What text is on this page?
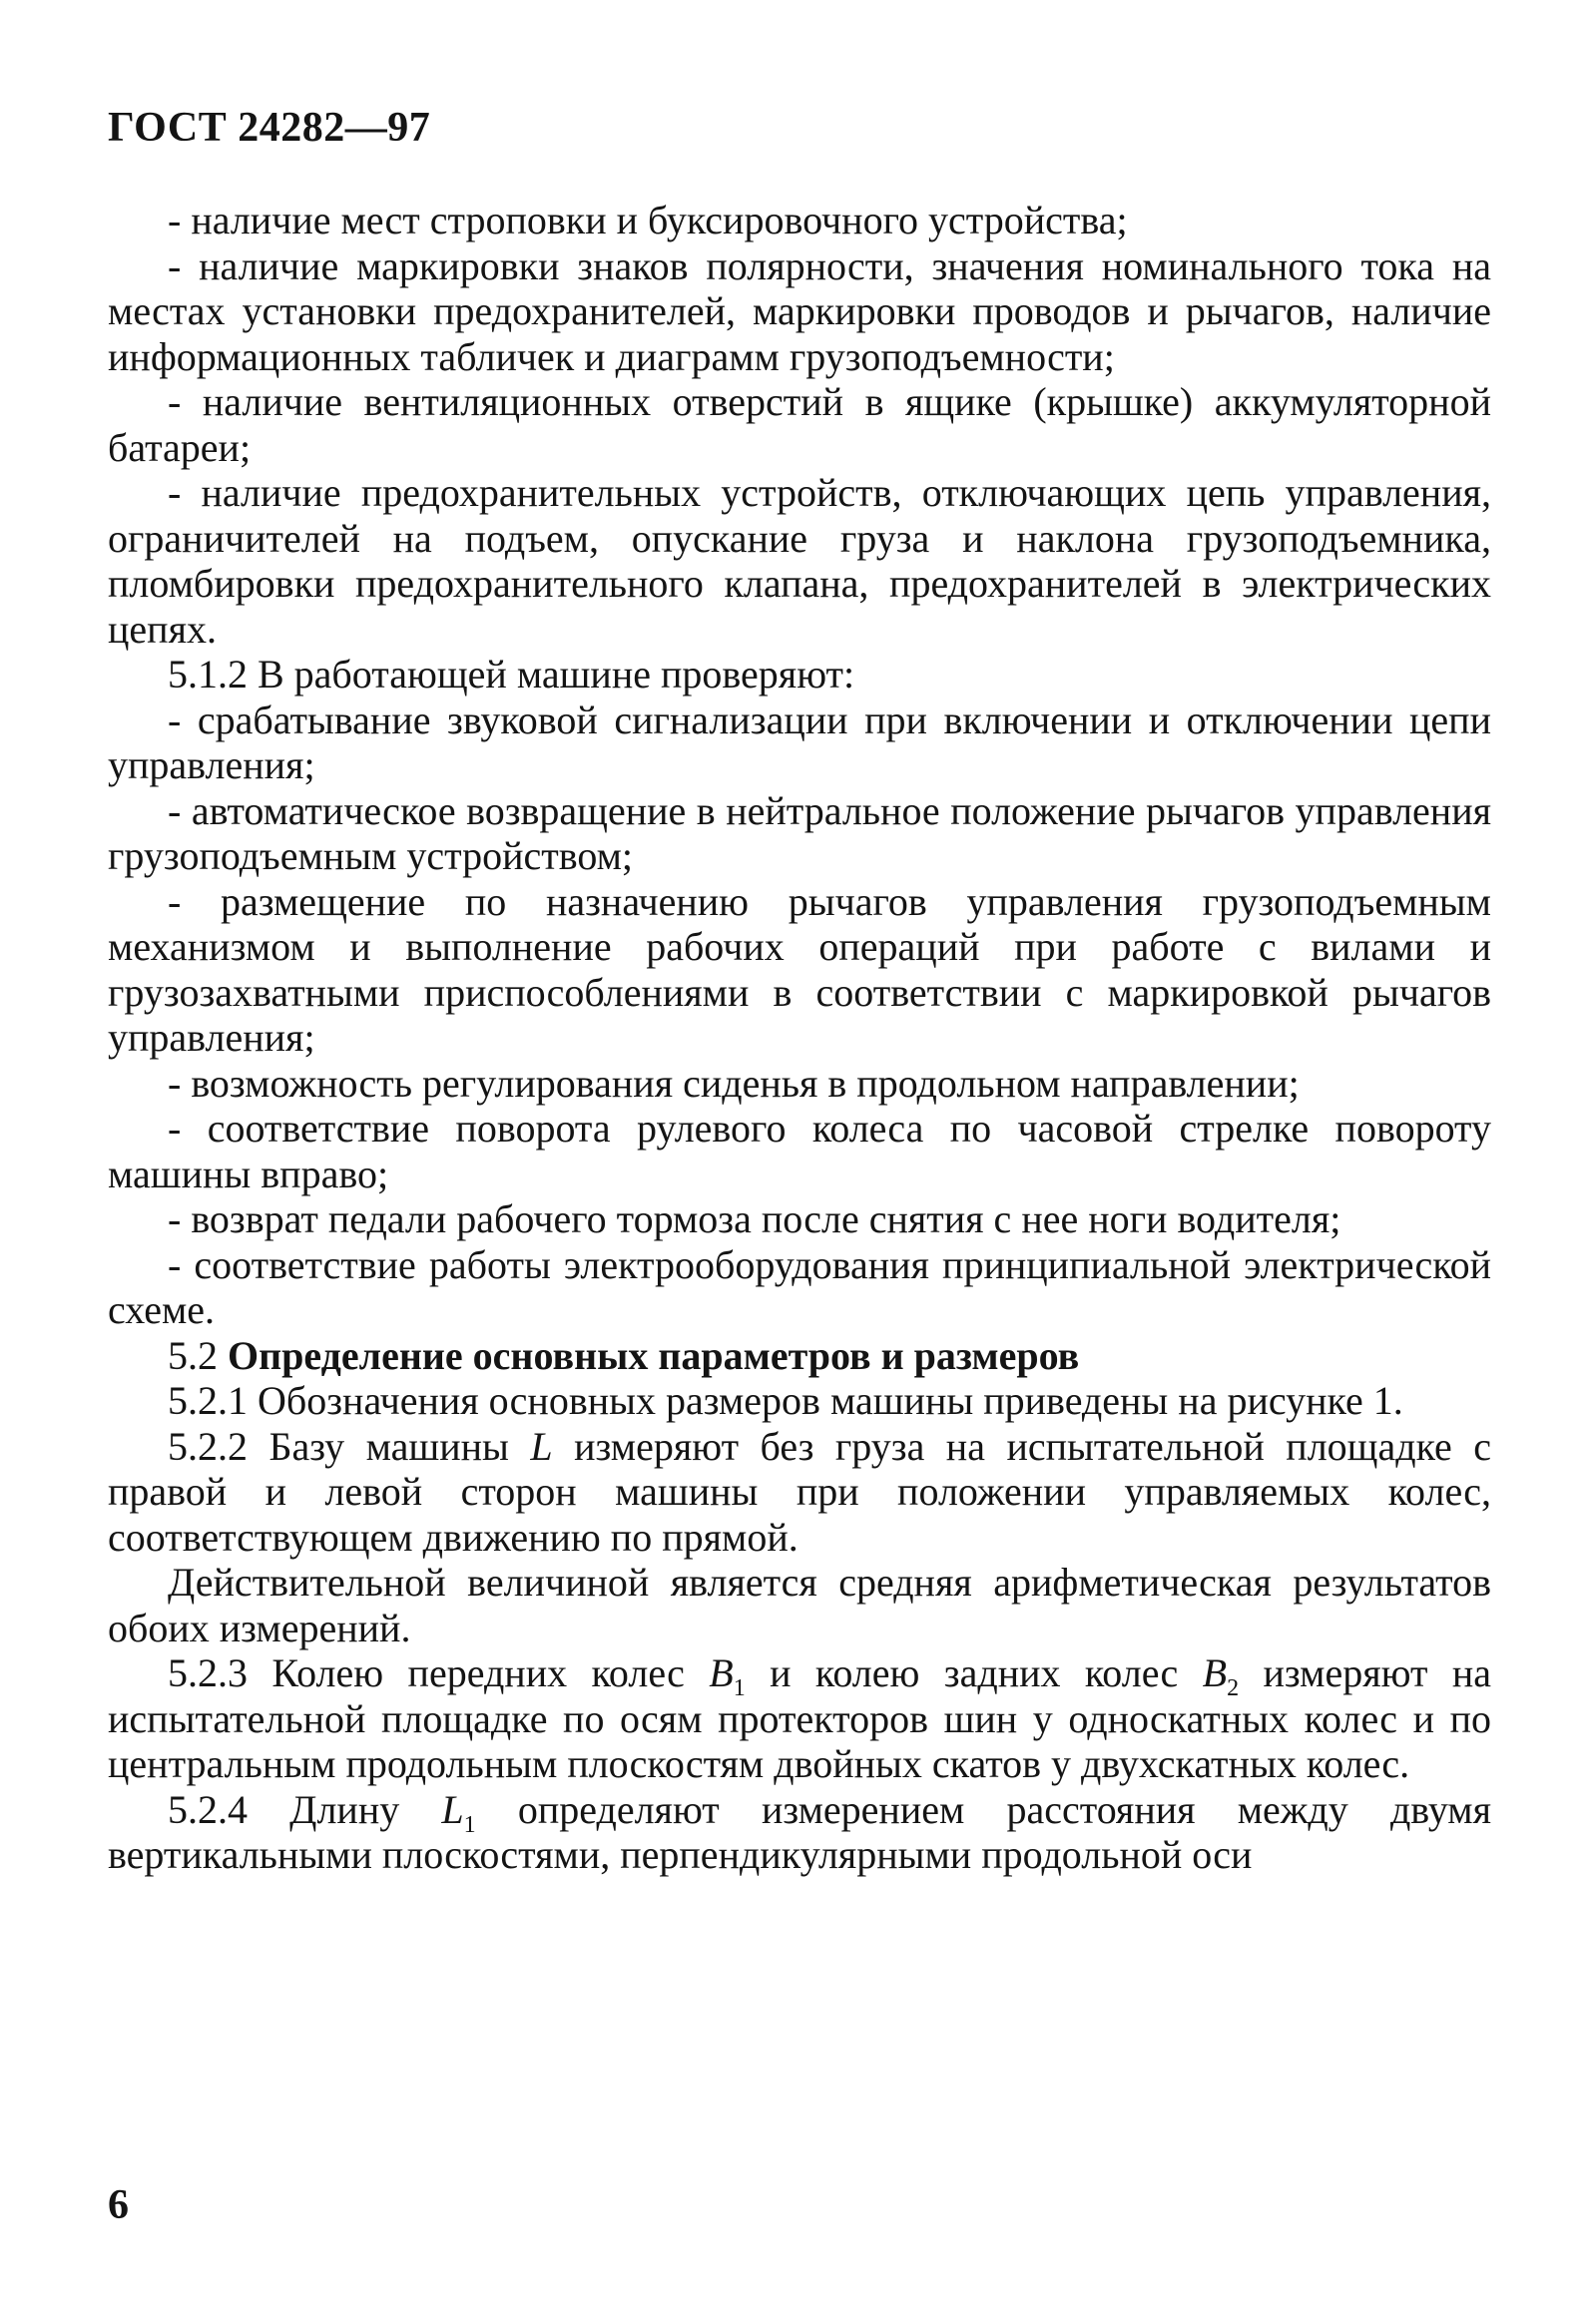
ГОСТ 24282—97

- наличие мест строповки и буксировочного устройства;

- наличие маркировки знаков полярности, значения номинального тока на местах установки предохранителей, маркировки проводов и рычагов, наличие информационных табличек и диаграмм грузоподъемности;

- наличие вентиляционных отверстий в ящике (крышке) аккумуляторной батареи;

- наличие предохранительных устройств, отключающих цепь управления, ограничителей на подъем, опускание груза и наклона грузоподъемника, пломбировки предохранительного клапана, предохранителей в электрических цепях.

5.1.2 В работающей машине проверяют:

- срабатывание звуковой сигнализации при включении и отключении цепи управления;

- автоматическое возвращение в нейтральное положение рычагов управления грузоподъемным устройством;

- размещение по назначению рычагов управления грузоподъемным механизмом и выполнение рабочих операций при работе с вилами и грузозахватными приспособлениями в соответствии с маркировкой рычагов управления;

- возможность регулирования сиденья в продольном направлении;

- соответствие поворота рулевого колеса по часовой стрелке повороту машины вправо;

- возврат педали рабочего тормоза после снятия с нее ноги водителя;

- соответствие работы электрооборудования принципиальной электрической схеме.

5.2 Определение основных параметров и размеров

5.2.1 Обозначения основных размеров машины приведены на рисунке 1.

5.2.2 Базу машины L измеряют без груза на испытательной площадке с правой и левой сторон машины при положении управляемых колес, соответствующем движению по прямой.

Действительной величиной является средняя арифметическая результатов обоих измерений.

5.2.3 Колею передних колес $B_1$ и колею задних колес $B_2$ измеряют на испытательной площадке по осям протекторов шин у односкатных колес и по центральным продольным плоскостям двойных скатов у двухскатных колес.

5.2.4 Длину $L_1$ определяют измерением расстояния между двумя вертикальными плоскостями, перпендикулярными продольной оси

6
